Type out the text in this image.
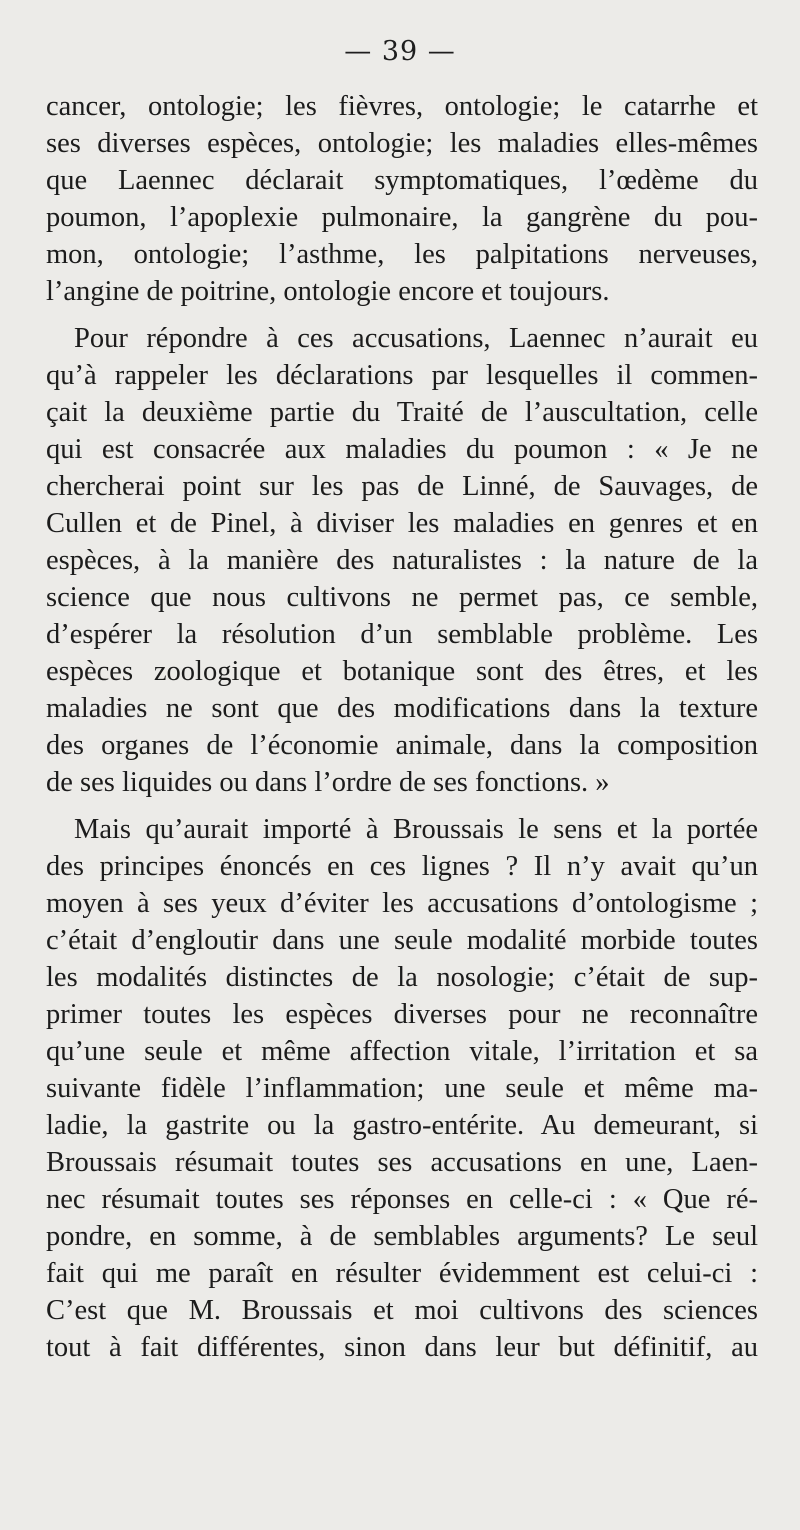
— 39 —
cancer, ontologie; les fièvres, ontologie; le catarrhe et
ses diverses espèces, ontologie; les maladies elles-mêmes
que Laennec déclarait symptomatiques, l’œdème du
poumon, l’apoplexie pulmonaire, la gangrène du pou-
mon, ontologie; l’asthme, les palpitations nerveuses,
l’angine de poitrine, ontologie encore et toujours.
Pour répondre à ces accusations, Laennec n’aurait eu
qu’à rappeler les déclarations par lesquelles il commen-
çait la deuxième partie du Traité de l’auscultation, celle
qui est consacrée aux maladies du poumon : « Je ne
chercherai point sur les pas de Linné, de Sauvages, de
Cullen et de Pinel, à diviser les maladies en genres et en
espèces, à la manière des naturalistes : la nature de la
science que nous cultivons ne permet pas, ce semble,
d’espérer la résolution d’un semblable problème. Les
espèces zoologique et botanique sont des êtres, et les
maladies ne sont que des modifications dans la texture
des organes de l’économie animale, dans la composition
de ses liquides ou dans l’ordre de ses fonctions. »
Mais qu’aurait importé à Broussais le sens et la portée
des principes énoncés en ces lignes ? Il n’y avait qu’un
moyen à ses yeux d’éviter les accusations d’ontologisme ;
c’était d’engloutir dans une seule modalité morbide toutes
les modalités distinctes de la nosologie; c’était de sup-
primer toutes les espèces diverses pour ne reconnaître
qu’une seule et même affection vitale, l’irritation et sa
suivante fidèle l’inflammation; une seule et même ma-
ladie, la gastrite ou la gastro-entérite. Au demeurant, si
Broussais résumait toutes ses accusations en une, Laen-
nec résumait toutes ses réponses en celle-ci : « Que ré-
pondre, en somme, à de semblables arguments? Le seul
fait qui me paraît en résulter évidemment est celui-ci :
C’est que M. Broussais et moi cultivons des sciences
tout à fait différentes, sinon dans leur but définitif, au
